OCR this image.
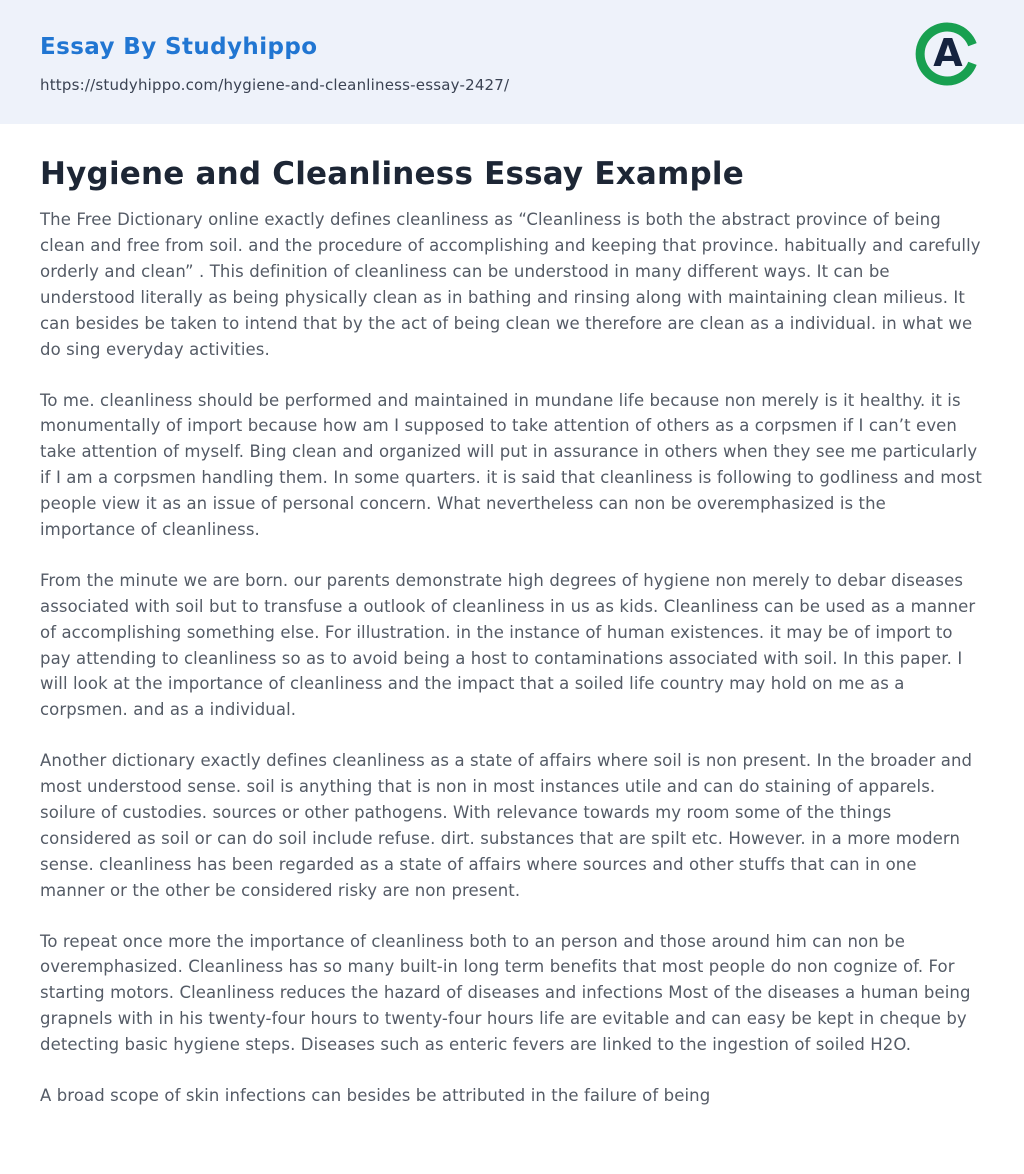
Essay By Studyhippo
https://studyhippo.com/hygiene-and-cleanliness-essay-2427/
A
Hygiene and Cleanliness Essay Example

The Free Dictionary online exactly defines cleanliness as “Cleanliness is both the abstract province of being clean and free from soil. and the procedure of accomplishing and keeping that province. habitually and carefully orderly and clean” . This definition of cleanliness can be understood in many different ways. It can be understood literally as being physically clean as in bathing and rinsing along with maintaining clean milieus. It can besides be taken to intend that by the act of being clean we therefore are clean as a individual. in what we do sing everyday activities.

To me. cleanliness should be performed and maintained in mundane life because non merely is it healthy. it is monumentally of import because how am I supposed to take attention of others as a corpsmen if I can’t even take attention of myself. Bing clean and organized will put in assurance in others when they see me particularly if I am a corpsmen handling them. In some quarters. it is said that cleanliness is following to godliness and most people view it as an issue of personal concern. What nevertheless can non be overemphasized is the importance of cleanliness.

From the minute we are born. our parents demonstrate high degrees of hygiene non merely to debar diseases associated with soil but to transfuse a outlook of cleanliness in us as kids. Cleanliness can be used as a manner of accomplishing something else. For illustration. in the instance of human existences. it may be of import to pay attending to cleanliness so as to avoid being a host to contaminations associated with soil. In this paper. I will look at the importance of cleanliness and the impact that a soiled life country may hold on me as a corpsmen. and as a individual.

Another dictionary exactly defines cleanliness as a state of affairs where soil is non present. In the broader and most understood sense. soil is anything that is non in most instances utile and can do staining of apparels. soilure of custodies. sources or other pathogens. With relevance towards my room some of the things considered as soil or can do soil include refuse. dirt. substances that are spilt etc. However. in a more modern sense. cleanliness has been regarded as a state of affairs where sources and other stuffs that can in one manner or the other be considered risky are non present.

To repeat once more the importance of cleanliness both to an person and those around him can non be overemphasized. Cleanliness has so many built-in long term benefits that most people do non cognize of. For starting motors. Cleanliness reduces the hazard of diseases and infections Most of the diseases a human being grapnels with in his twenty-four hours to twenty-four hours life are evitable and can easy be kept in cheque by detecting basic hygiene steps. Diseases such as enteric fevers are linked to the ingestion of soiled H2O.

A broad scope of skin infections can besides be attributed in the failure of being
